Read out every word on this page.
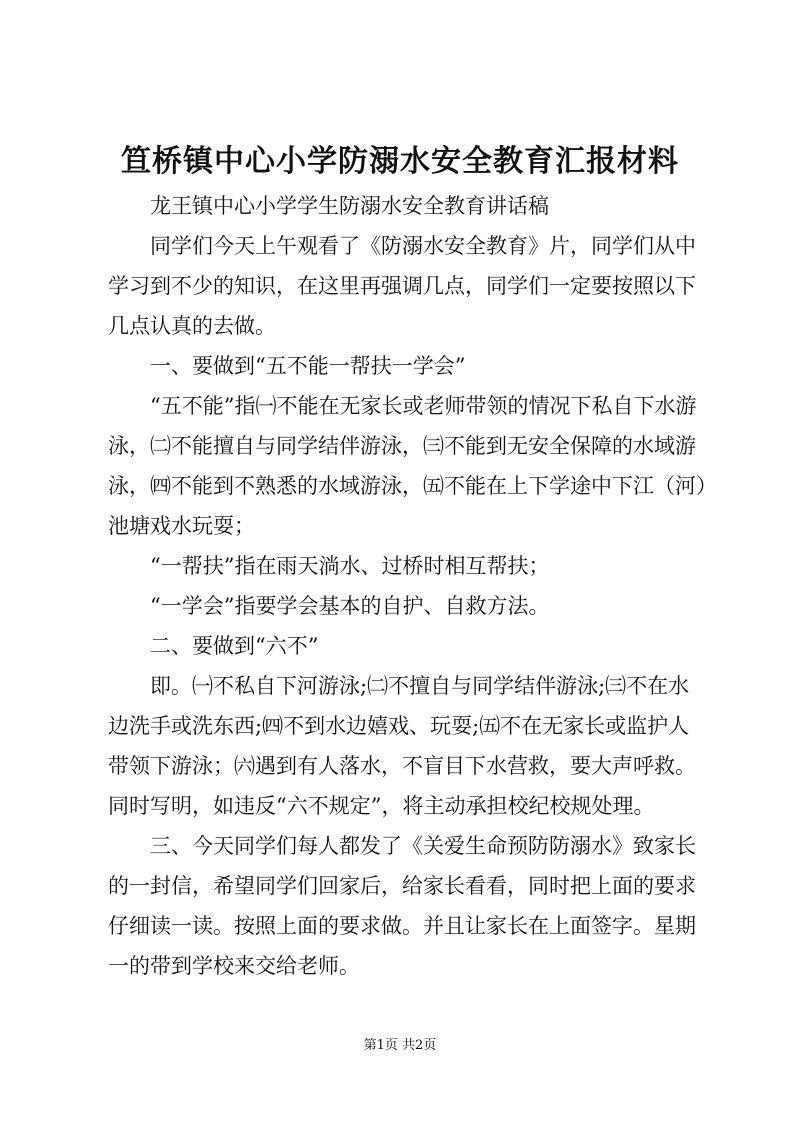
笪桥镇中心小学防溺水安全教育汇报材料

龙王镇中心小学学生防溺水安全教育讲话稿

同学们今天上午观看了《防溺水安全教育》片，同学们从中学习到不少的知识，在这里再强调几点，同学们一定要按照以下几点认真的去做。

一、要做到“五不能一帮扶一学会”

“五不能”指㈠不能在无家长或老师带领的情况下私自下水游泳，㈡不能擅自与同学结伴游泳，㈢不能到无安全保障的水域游泳，㈣不能到不熟悉的水域游泳，㈤不能在上下学途中下江（河）池塘戏水玩耍；

“一帮扶”指在雨天淌水、过桥时相互帮扶；

“一学会”指要学会基本的自护、自救方法。

二、要做到“六不”

即。㈠不私自下河游泳;㈡不擅自与同学结伴游泳;㈢不在水边洗手或洗东西;㈣不到水边嬉戏、玩耍;㈤不在无家长或监护人带领下游泳；㈥遇到有人落水，不盲目下水营救，要大声呼救。同时写明，如违反“六不规定”，将主动承担校纪校规处理。

三、今天同学们每人都发了《关爱生命预防防溺水》致家长的一封信，希望同学们回家后，给家长看看，同时把上面的要求仔细读一读。按照上面的要求做。并且让家长在上面签字。星期一的带到学校来交给老师。

第1页 共2页
